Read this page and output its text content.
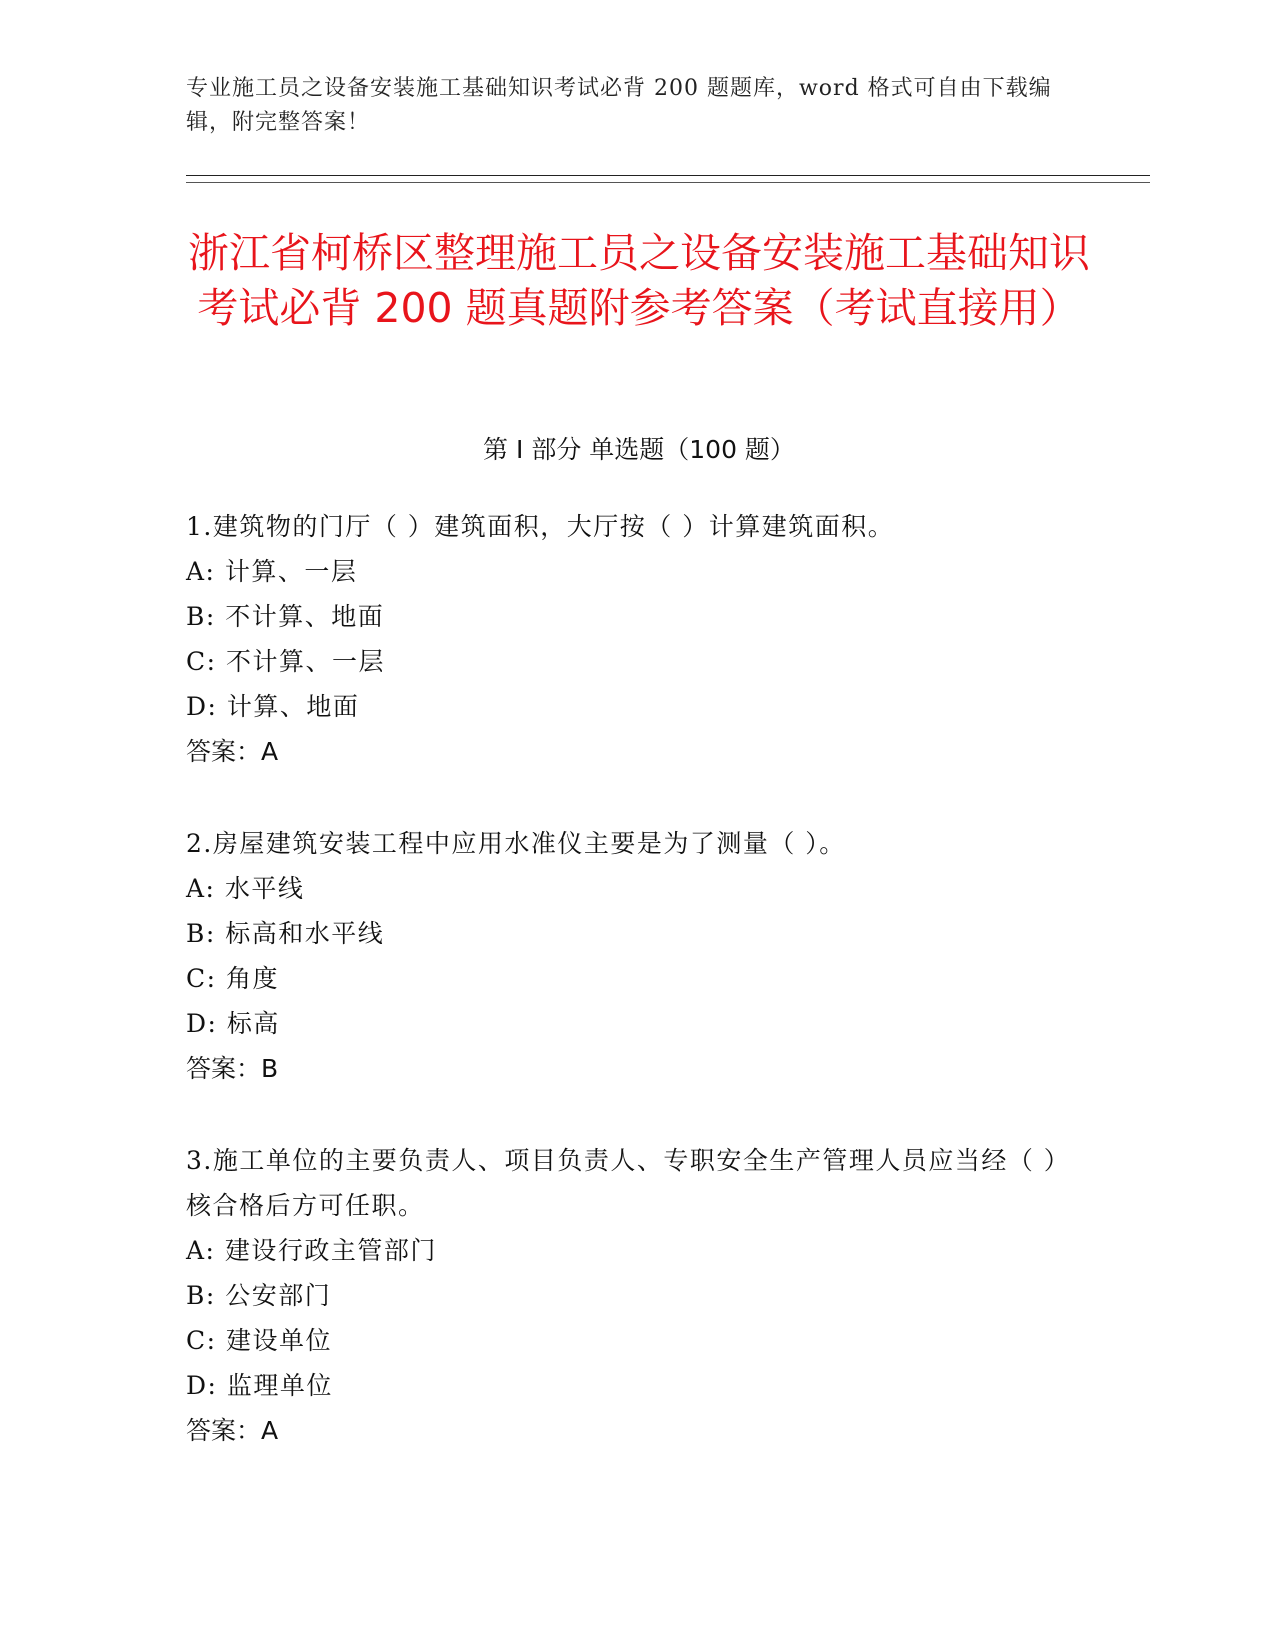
专业施工员之设备安装施工基础知识考试必背 200 题题库，word 格式可自由下载编辑，附完整答案！
浙江省柯桥区整理施工员之设备安装施工基础知识考试必背 200 题真题附参考答案（考试直接用）
第 I 部分 单选题（100 题）

1.建筑物的门厅（ ）建筑面积，大厅按（ ）计算建筑面积。

A: 计算、一层

B: 不计算、地面

C: 不计算、一层

D: 计算、地面

答案：A

2.房屋建筑安装工程中应用水准仪主要是为了测量（ ）。

A: 水平线

B: 标高和水平线

C: 角度

D: 标高

答案：B

3.施工单位的主要负责人、项目负责人、专职安全生产管理人员应当经（ ）核合格后方可任职。

A: 建设行政主管部门

B: 公安部门

C: 建设单位

D: 监理单位

答案：A
